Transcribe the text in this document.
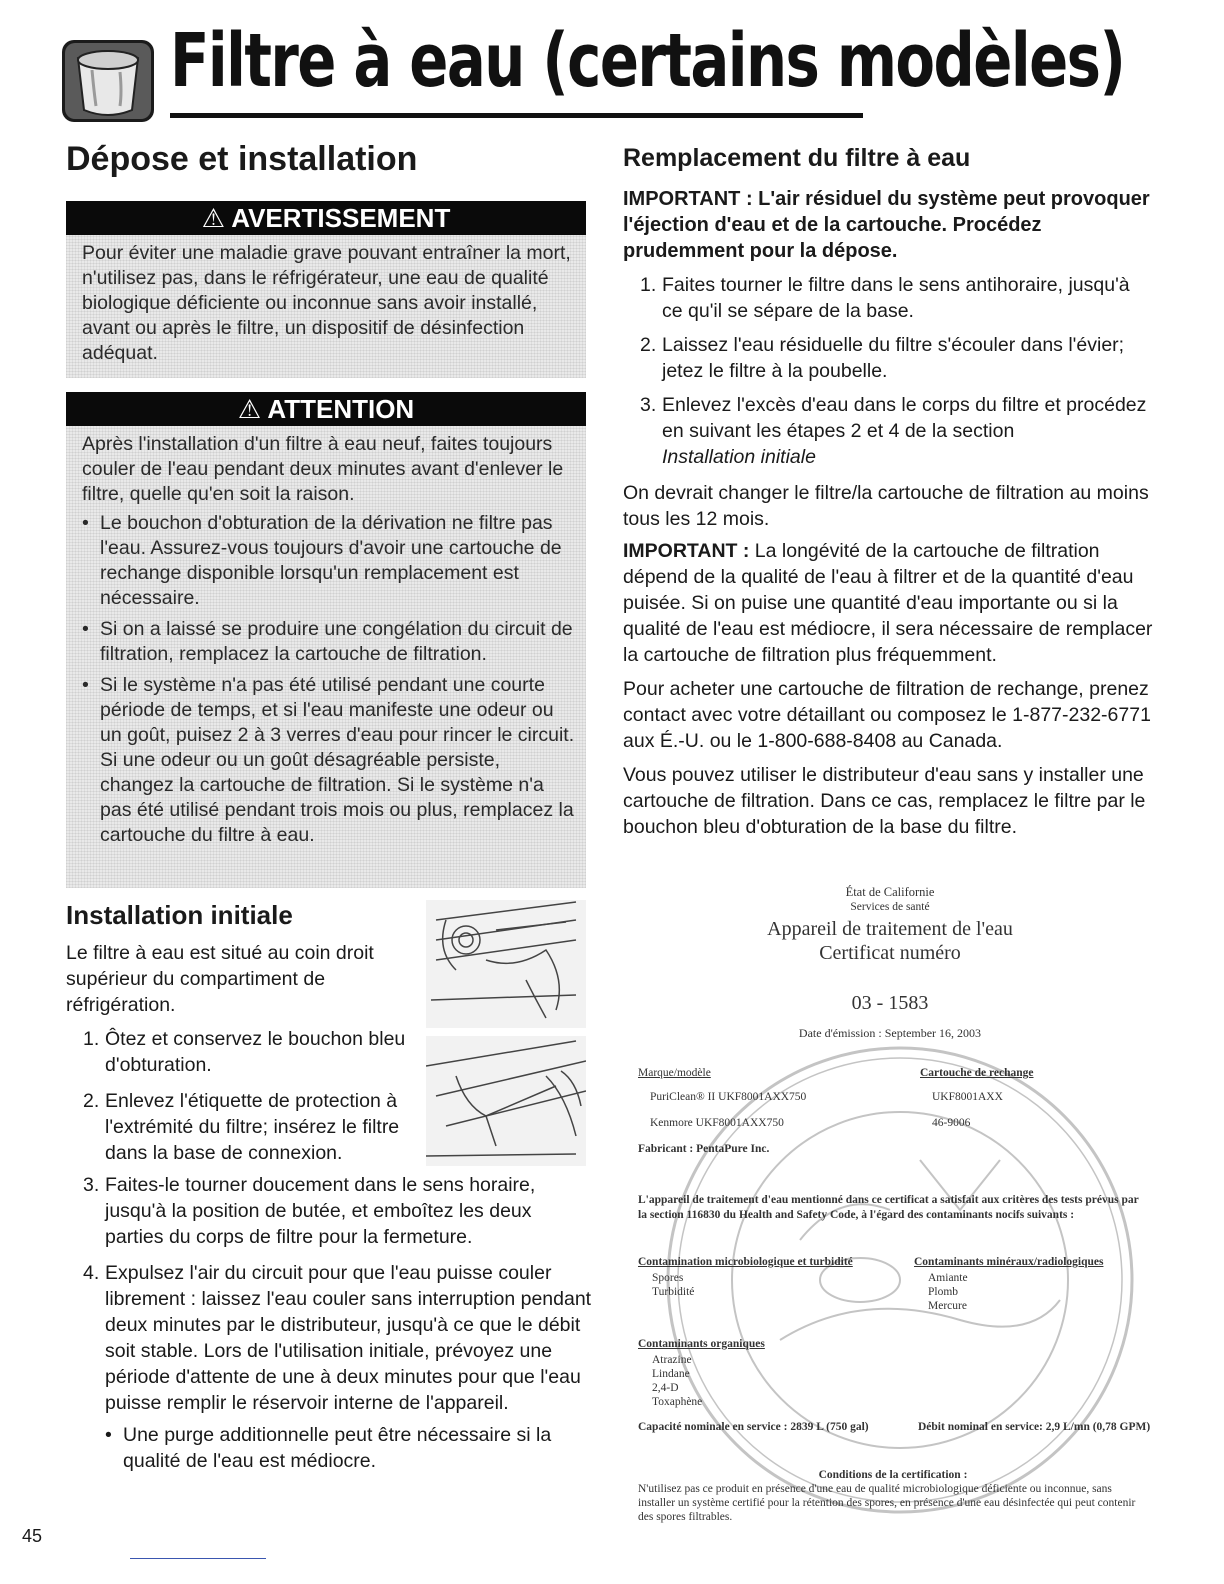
Filtre à eau (certains modèles)
Dépose et installation
⚠ AVERTISSEMENT

Pour éviter une maladie grave pouvant entraîner la mort, n'utilisez pas, dans le réfrigérateur, une eau de qualité biologique déficiente ou inconnue sans avoir installé, avant ou après le filtre, un dispositif de désinfection adéquat.

⚠ ATTENTION

Après l'installation d'un filtre à eau neuf, faites toujours couler de l'eau pendant deux minutes avant d'enlever le filtre, quelle qu'en soit la raison.

• Le bouchon d'obturation de la dérivation ne filtre pas l'eau. Assurez-vous toujours d'avoir une cartouche de rechange disponible lorsqu'un remplacement est nécessaire.
• Si on a laissé se produire une congélation du circuit de filtration, remplacez la cartouche de filtration.
• Si le système n'a pas été utilisé pendant une courte période de temps, et si l'eau manifeste une odeur ou un goût, puisez 2 à 3 verres d'eau pour rincer le circuit. Si une odeur ou un goût désagréable persiste, changez la cartouche de filtration. Si le système n'a pas été utilisé pendant trois mois ou plus, remplacez la cartouche du filtre à eau.
Installation initiale
Le filtre à eau est situé au coin droit supérieur du compartiment de réfrigération.
1. Ôtez et conservez le bouchon bleu d'obturation.
2. Enlevez l'étiquette de protection à l'extrémité du filtre; insérez le filtre dans la base de connexion.
3. Faites-le tourner doucement dans le sens horaire, jusqu'à la position de butée, et emboîtez les deux parties du corps de filtre pour la fermeture.
4. Expulsez l'air du circuit pour que l'eau puisse couler librement : laissez l'eau couler sans interruption pendant deux minutes par le distributeur, jusqu'à ce que le débit soit stable. Lors de l'utilisation initiale, prévoyez une période d'attente de une à deux minutes pour que l'eau puisse remplir le réservoir interne de l'appareil.
• Une purge additionnelle peut être nécessaire si la qualité de l'eau est médiocre.
45
Remplacement du filtre à eau
IMPORTANT : L'air résiduel du système peut provoquer l'éjection d'eau et de la cartouche. Procédez prudemment pour la dépose.
1. Faites tourner le filtre dans le sens antihoraire, jusqu'à ce qu'il se sépare de la base.
2. Laissez l'eau résiduelle du filtre s'écouler dans l'évier; jetez le filtre à la poubelle.
3. Enlevez l'excès d'eau dans le corps du filtre et procédez en suivant les étapes 2 et 4 de la section
Installation initiale
On devrait changer le filtre/la cartouche de filtration au moins tous les 12 mois.
IMPORTANT : La longévité de la cartouche de filtration dépend de la qualité de l'eau à filtrer et de la quantité d'eau puisée. Si on puise une quantité d'eau importante ou si la qualité de l'eau est médiocre, il sera nécessaire de remplacer la cartouche de filtration plus fréquemment.
Pour acheter une cartouche de filtration de rechange, prenez contact avec votre détaillant ou composez le 1-877-232-6771 aux É.-U. ou le 1-800-688-8408 au Canada.
Vous pouvez utiliser le distributeur d'eau sans y installer une cartouche de filtration. Dans ce cas, remplacez le filtre par le bouchon bleu d'obturation de la base du filtre.
État de Californie
Services de santé
Appareil de traitement de l'eau
Certificat numéro
03 - 1583
Date d'émission : September 16, 2003
Marque/modèle	Cartouche de rechange
PuriClean® II UKF8001AXX750	UKF8001AXX
Kenmore UKF8001AXX750	46-9006
Fabricant : PentaPure Inc.
L'appareil de traitement d'eau mentionné dans ce certificat a satisfait aux critères des tests prévus par la section 116830 du Health and Safety Code, à l'égard des contaminants nocifs suivants :
Contamination microbiologique et turbidité
Spores
Turbidité
Contaminants minéraux/radiologiques
Amiante
Plomb
Mercure
Contaminants organiques
Atrazine
Lindane
2,4-D
Toxaphène
Capacité nominale en service : 2839 L (750 gal)	Débit nominal en service: 2,9 L/mn (0,78 GPM)
Conditions de la certification :
N'utilisez pas ce produit en présence d'une eau de qualité microbiologique déficiente ou inconnue, sans installer un système certifié pour la rétention des spores, en présence d'une eau désinfectée qui peut contenir des spores filtrables.
